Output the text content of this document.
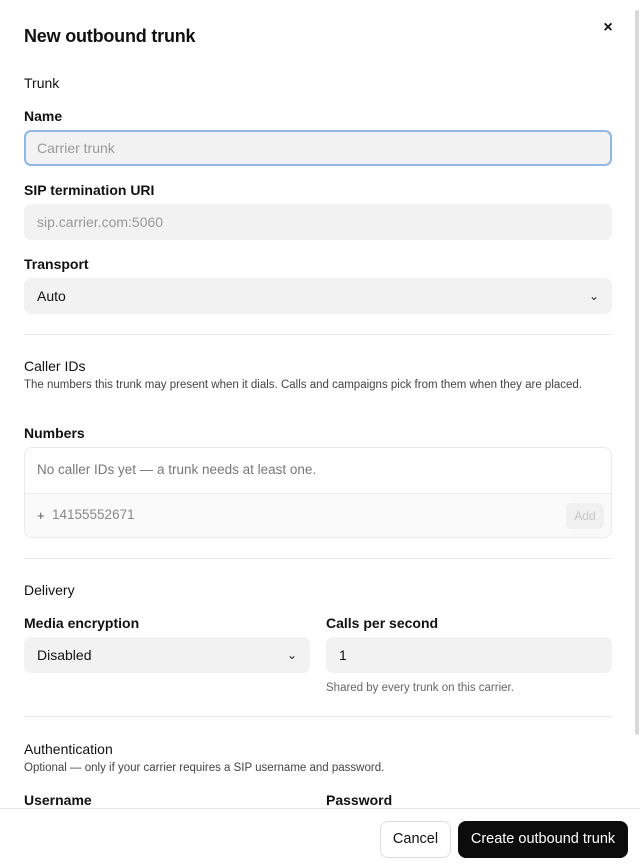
New outbound trunk	×
Trunk
Name
Carrier trunk
SIP termination URI
sip.carrier.com:5060
Transport
Auto	⌄
Caller IDs
The numbers this trunk may present when it dials. Calls and campaigns pick from them when they are placed.
Numbers
No caller IDs yet — a trunk needs at least one.
+ 14155552671	Add
Delivery
Media encryption
Disabled	⌄
Calls per second
1
Shared by every trunk on this carrier.
Authentication
Optional — only if your carrier requires a SIP username and password.
Username	Password
Cancel	Create outbound trunk
